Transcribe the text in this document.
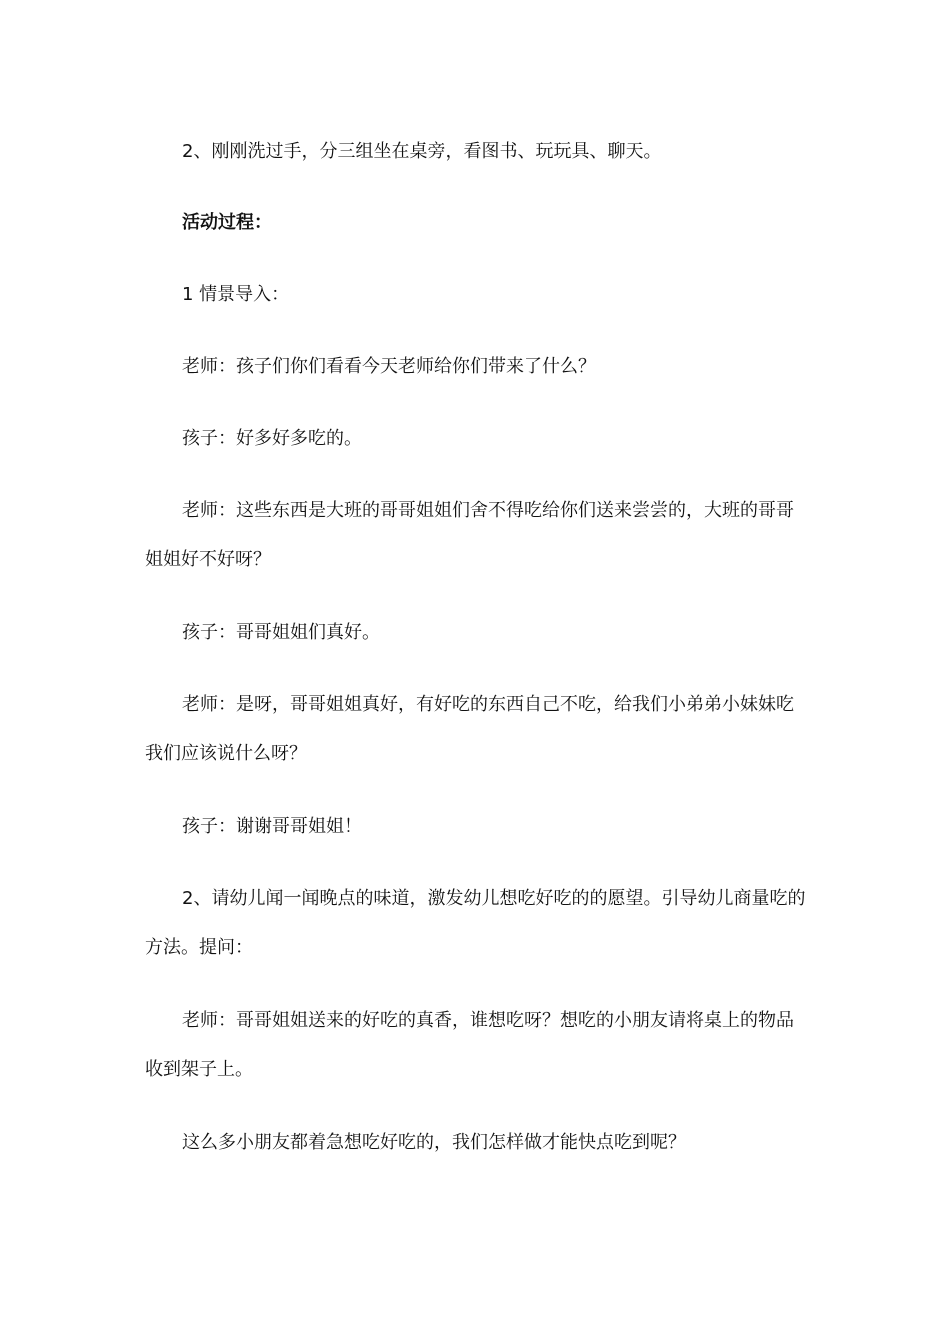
2、刚刚洗过手，分三组坐在桌旁，看图书、玩玩具、聊天。

活动过程：

1 情景导入：

老师：孩子们你们看看今天老师给你们带来了什么？

孩子：好多好多吃的。

老师：这些东西是大班的哥哥姐姐们舍不得吃给你们送来尝尝的，大班的哥哥姐姐好不好呀？

孩子：哥哥姐姐们真好。

老师：是呀，哥哥姐姐真好，有好吃的东西自己不吃，给我们小弟弟小妹妹吃我们应该说什么呀？

孩子：谢谢哥哥姐姐！

2、请幼儿闻一闻晚点的味道，激发幼儿想吃好吃的的愿望。引导幼儿商量吃的方法。提问：

老师：哥哥姐姐送来的好吃的真香，谁想吃呀？想吃的小朋友请将桌上的物品收到架子上。

这么多小朋友都着急想吃好吃的，我们怎样做才能快点吃到呢？
